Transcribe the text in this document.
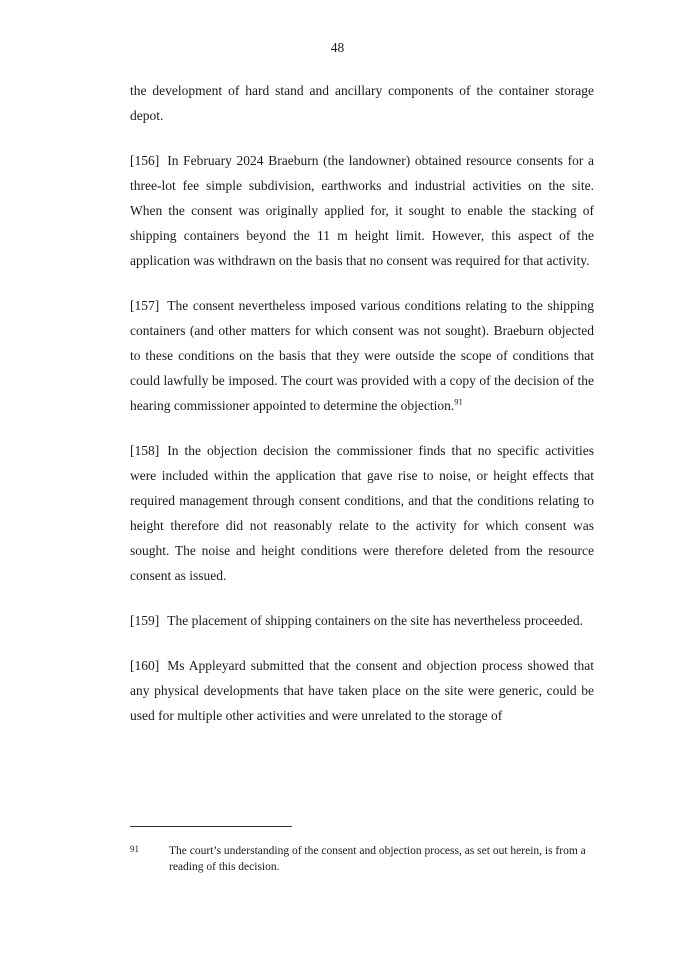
48

the development of hard stand and ancillary components of the container storage depot.

[156] In February 2024 Braeburn (the landowner) obtained resource consents for a three-lot fee simple subdivision, earthworks and industrial activities on the site. When the consent was originally applied for, it sought to enable the stacking of shipping containers beyond the 11 m height limit. However, this aspect of the application was withdrawn on the basis that no consent was required for that activity.

[157] The consent nevertheless imposed various conditions relating to the shipping containers (and other matters for which consent was not sought). Braeburn objected to these conditions on the basis that they were outside the scope of conditions that could lawfully be imposed. The court was provided with a copy of the decision of the hearing commissioner appointed to determine the objection.$^{91}$

[158] In the objection decision the commissioner finds that no specific activities were included within the application that gave rise to noise, or height effects that required management through consent conditions, and that the conditions relating to height therefore did not reasonably relate to the activity for which consent was sought. The noise and height conditions were therefore deleted from the resource consent as issued.

[159] The placement of shipping containers on the site has nevertheless proceeded.

[160] Ms Appleyard submitted that the consent and objection process showed that any physical developments that have taken place on the site were generic, could be used for multiple other activities and were unrelated to the storage of

91	The court’s understanding of the consent and objection process, as set out herein, is from a reading of this decision.
